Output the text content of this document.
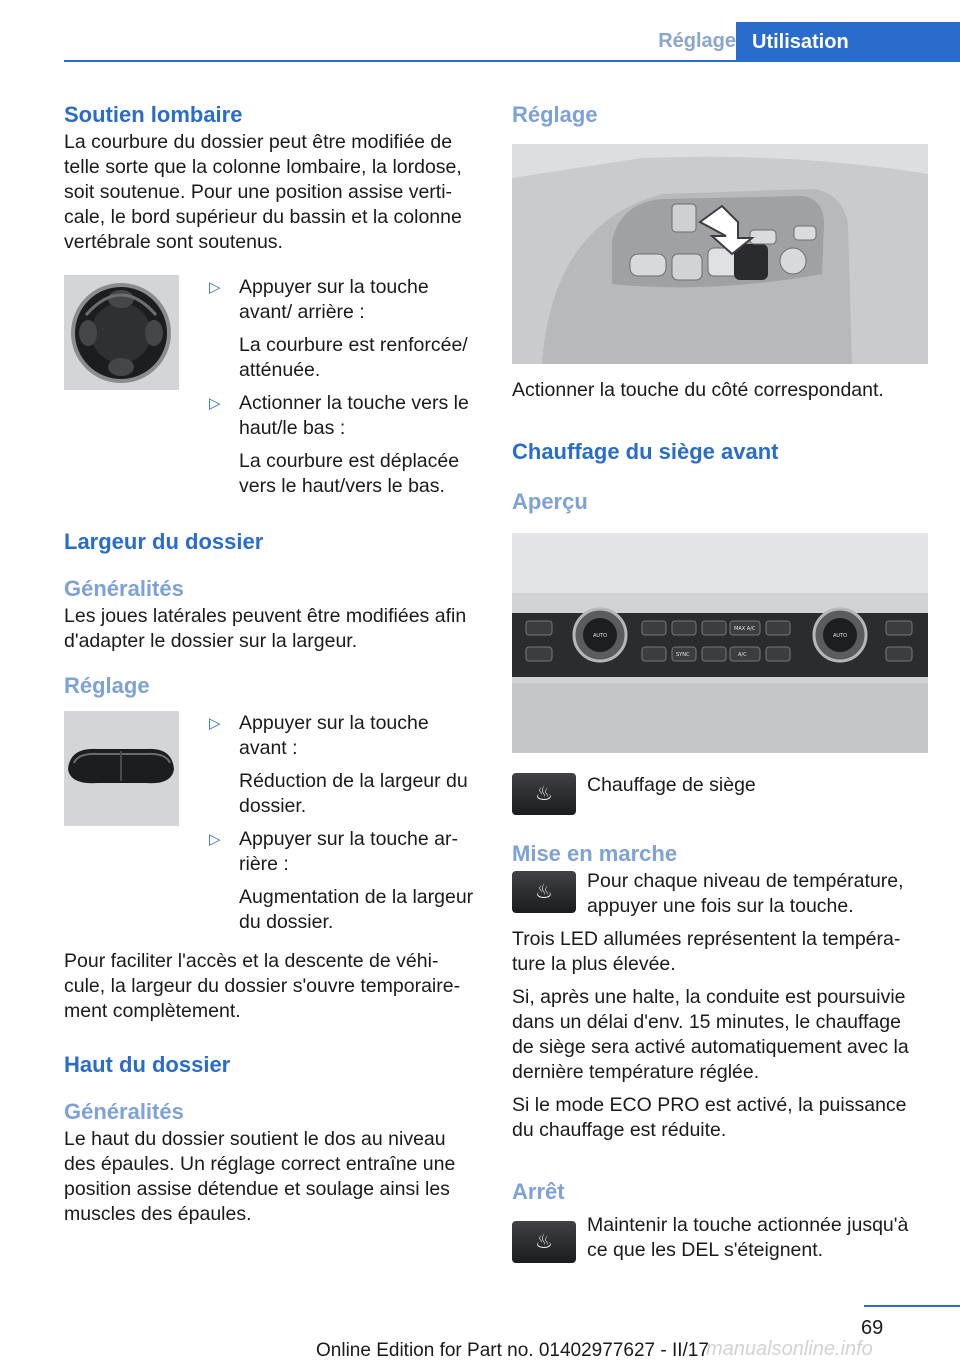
Réglage Utilisation
Soutien lombaire

La courbure du dossier peut être modifiée de telle sorte que la colonne lombaire, la lordose, soit soutenue. Pour une position assise verti‐ cale, le bord supérieur du bassin et la colonne vertébrale sont soutenus.

▷ Appuyer sur la touche avant/ arrière :

La courbure est renforcée/ atténuée.

▷ Actionner la touche vers le haut/le bas :

La courbure est déplacée vers le haut/vers le bas.

Largeur du dossier
Généralités

Les joues latérales peuvent être modifiées afin d'adapter le dossier sur la largeur.

Réglage
▷ Appuyer sur la touche avant :

Réduction de la largeur du dossier.

▷ Appuyer sur la touche ar‐ rière :

Augmentation de la largeur du dossier.

Pour faciliter l'accès et la descente de véhi‐ cule, la largeur du dossier s'ouvre temporaire‐ ment complètement.

Haut du dossier
Généralités

Le haut du dossier soutient le dos au niveau des épaules. Un réglage correct entraîne une position assise détendue et soulage ainsi les muscles des épaules.

Réglage

Actionner la touche du côté correspondant.

Chauffage du siège avant
Aperçu
AUTO	AUTO
MAX A/C
SYNC	A/C
♨ Chauffage de siège

Mise en marche
♨ Pour chaque niveau de température, appuyer une fois sur la touche.

Trois LED allumées représentent la tempéra‐ ture la plus élevée.

Si, après une halte, la conduite est poursuivie dans un délai d'env. 15 minutes, le chauffage de siège sera activé automatiquement avec la dernière température réglée.

Si le mode ECO PRO est activé, la puissance du chauffage est réduite.

Arrêt
♨

Maintenir la touche actionnée jusqu'à ce que les DEL s'éteignent.

69
Online Edition for Part no. 01402977627 - II/17
manualsonline.info
